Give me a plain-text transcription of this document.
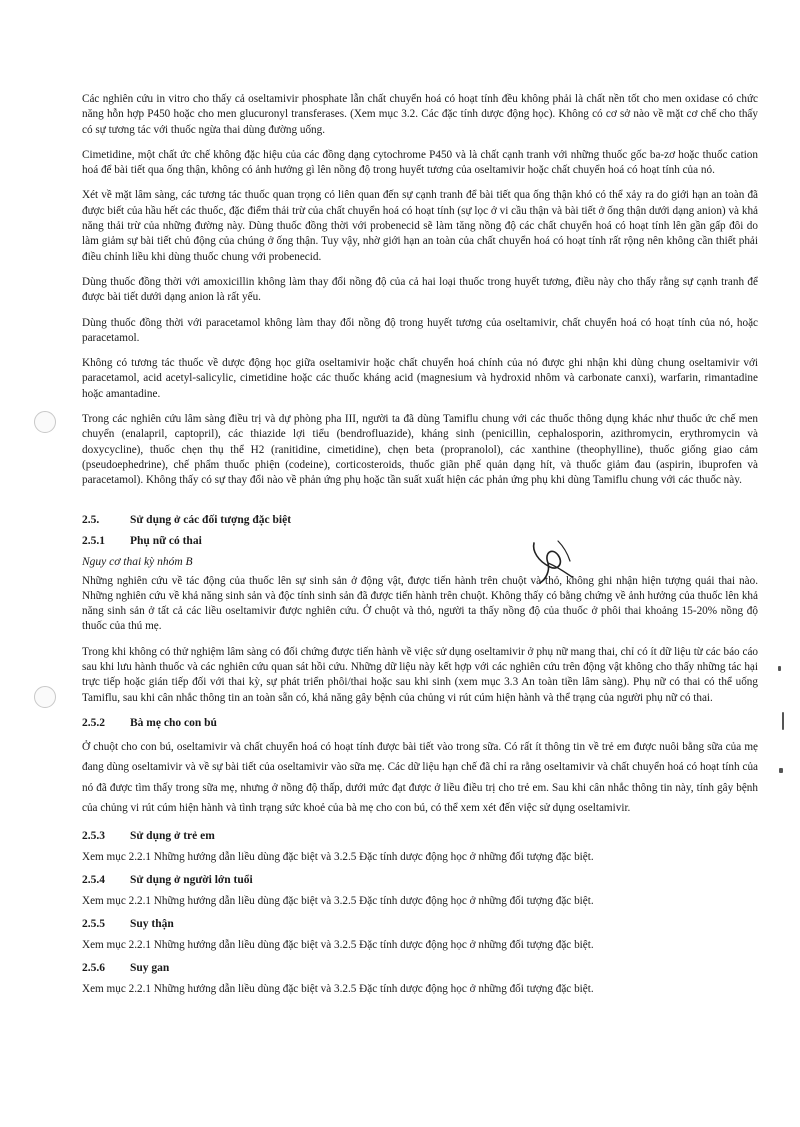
Các nghiên cứu in vitro cho thấy cả oseltamivir phosphate lẫn chất chuyển hoá có hoạt tính đều không phải là chất nền tốt cho men oxidase có chức năng hỗn hợp P450 hoặc cho men glucuronyl transferases. (Xem mục 3.2. Các đặc tính dược động học). Không có cơ sở nào về mặt cơ chế cho thấy có sự tương tác với thuốc ngừa thai dùng đường uống.

Cimetidine, một chất ức chế không đặc hiệu của các đồng dạng cytochrome P450 và là chất cạnh tranh với những thuốc gốc ba-zơ hoặc thuốc cation hoá để bài tiết qua ống thận, không có ảnh hưởng gì lên nồng độ trong huyết tương của oseltamivir hoặc chất chuyển hoá có hoạt tính của nó.

Xét về mặt lâm sàng, các tương tác thuốc quan trọng có liên quan đến sự cạnh tranh để bài tiết qua ống thận khó có thể xảy ra do giới hạn an toàn đã được biết của hầu hết các thuốc, đặc điểm thải trừ của chất chuyển hoá có hoạt tính (sự lọc ở vi cầu thận và bài tiết ở ống thận dưới dạng anion) và khả năng thải trừ của những đường này. Dùng thuốc đồng thời với probenecid sẽ làm tăng nồng độ các chất chuyển hoá có hoạt tính lên gần gấp đôi do làm giảm sự bài tiết chủ động của chúng ở ống thận. Tuy vậy, nhờ giới hạn an toàn của chất chuyển hoá có hoạt tính rất rộng nên không cần thiết phải điều chỉnh liều khi dùng thuốc chung với probenecid.

Dùng thuốc đồng thời với amoxicillin không làm thay đổi nồng độ của cả hai loại thuốc trong huyết tương, điều này cho thấy rằng sự cạnh tranh để được bài tiết dưới dạng anion là rất yếu.

Dùng thuốc đồng thời với paracetamol không làm thay đổi nồng độ trong huyết tương của oseltamivir, chất chuyển hoá có hoạt tính của nó, hoặc paracetamol.

Không có tương tác thuốc về dược động học giữa oseltamivir hoặc chất chuyển hoá chính của nó được ghi nhận khi dùng chung oseltamivir với paracetamol, acid acetyl-salicylic, cimetidine hoặc các thuốc kháng acid (magnesium và hydroxid nhôm và carbonate canxi), warfarin, rimantadine hoặc amantadine.

Trong các nghiên cứu lâm sàng điều trị và dự phòng pha III, người ta đã dùng Tamiflu chung với các thuốc thông dụng khác như thuốc ức chế men chuyển (enalapril, captopril), các thiazide lợi tiểu (bendrofluazide), kháng sinh (penicillin, cephalosporin, azithromycin, erythromycin và doxycycline), thuốc chẹn thụ thể H2 (ranitidine, cimetidine), chẹn beta (propranolol), các xanthine (theophylline), thuốc giống giao cảm (pseudoephedrine), chế phẩm thuốc phiện (codeine), corticosteroids, thuốc giãn phế quản dạng hít, và thuốc giảm đau (aspirin, ibuprofen và paracetamol). Không thấy có sự thay đổi nào về phản ứng phụ hoặc tần suất xuất hiện các phản ứng phụ khi dùng Tamiflu chung với các thuốc này.

2.5.	Sử dụng ở các đối tượng đặc biệt
2.5.1	Phụ nữ có thai
Nguy cơ thai kỳ nhóm B

Những nghiên cứu về tác động của thuốc lên sự sinh sản ở động vật, được tiến hành trên chuột và thỏ, không ghi nhận hiện tượng quái thai nào. Những nghiên cứu về khả năng sinh sản và độc tính sinh sản đã được tiến hành trên chuột. Không thấy có bằng chứng về ảnh hưởng của thuốc lên khả năng sinh sản ở tất cả các liều oseltamivir được nghiên cứu. Ở chuột và thỏ, người ta thấy nồng độ của thuốc ở phôi thai khoảng 15-20% nồng độ thuốc của thú mẹ.

Trong khi không có thử nghiệm lâm sàng có đối chứng được tiến hành về việc sử dụng oseltamivir ở phụ nữ mang thai, chỉ có ít dữ liệu từ các báo cáo sau khi lưu hành thuốc và các nghiên cứu quan sát hồi cứu. Những dữ liệu này kết hợp với các nghiên cứu trên động vật không cho thấy những tác hại trực tiếp hoặc gián tiếp đối với thai kỳ, sự phát triển phôi/thai hoặc sau khi sinh (xem mục 3.3 An toàn tiền lâm sàng). Phụ nữ có thai có thể uống Tamiflu, sau khi cân nhắc thông tin an toàn sẵn có, khả năng gây bệnh của chủng vi rút cúm hiện hành và thể trạng của người phụ nữ có thai.

2.5.2	Bà mẹ cho con bú

Ở chuột cho con bú, oseltamivir và chất chuyển hoá có hoạt tính được bài tiết vào trong sữa. Có rất ít thông tin về trẻ em được nuôi bằng sữa của mẹ đang dùng oseltamivir và về sự bài tiết của oseltamivir vào sữa mẹ. Các dữ liệu hạn chế đã chỉ ra rằng oseltamivir và chất chuyển hoá có hoạt tính của nó đã được tìm thấy trong sữa mẹ, nhưng ở nồng độ thấp, dưới mức đạt được ở liều điều trị cho trẻ em. Sau khi cân nhắc thông tin này, tính gây bệnh của chủng vi rút cúm hiện hành và tình trạng sức khoẻ của bà mẹ cho con bú, có thể xem xét đến việc sử dụng oseltamivir.

2.5.3	Sử dụng ở trẻ em
Xem mục 2.2.1 Những hướng dẫn liều dùng đặc biệt và 3.2.5 Đặc tính dược động học ở những đối tượng đặc biệt.
2.5.4	Sử dụng ở người lớn tuổi
Xem mục 2.2.1 Những hướng dẫn liều dùng đặc biệt và 3.2.5 Đặc tính dược động học ở những đối tượng đặc biệt.
2.5.5	Suy thận
Xem mục 2.2.1 Những hướng dẫn liều dùng đặc biệt và 3.2.5 Đặc tính dược động học ở những đối tượng đặc biệt.
2.5.6	Suy gan
Xem mục 2.2.1 Những hướng dẫn liều dùng đặc biệt và 3.2.5 Đặc tính dược động học ở những đối tượng đặc biệt.
